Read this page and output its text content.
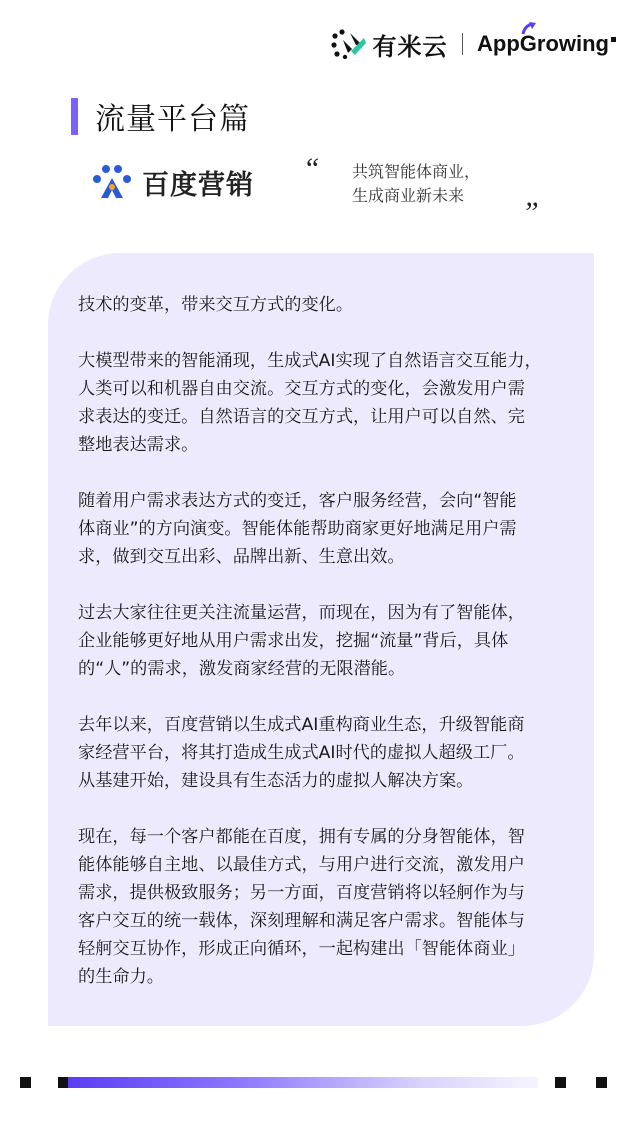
有米云 App G rowing
流量平台篇
百度营销 “ 共筑智能体商业，
生成商业新未来
”

技术的变革，带来交互方式的变化。

大模型带来的智能涌现，生成式AI实现了自然语言交互能力，
人类可以和机器自由交流。交互方式的变化，会激发用户需
求表达的变迁。自然语言的交互方式，让用户可以自然、完
整地表达需求。

随着用户需求表达方式的变迁，客户服务经营，会向“智能
体商业”的方向演变。智能体能帮助商家更好地满足用户需
求，做到交互出彩、品牌出新、生意出效。

过去大家往往更关注流量运营，而现在，因为有了智能体，
企业能够更好地从用户需求出发，挖掘“流量”背后，具体
的“人”的需求，激发商家经营的无限潜能。

去年以来，百度营销以生成式AI重构商业生态，升级智能商
家经营平台，将其打造成生成式AI时代的虚拟人超级工厂。
从基建开始，建设具有生态活力的虚拟人解决方案。

现在，每一个客户都能在百度，拥有专属的分身智能体，智
能体能够自主地、以最佳方式，与用户进行交流，激发用户
需求，提供极致服务；另一方面，百度营销将以轻舸作为与
客户交互的统一载体，深刻理解和满足客户需求。智能体与
轻舸交互协作，形成正向循环，一起构建出「智能体商业」
的生命力。
